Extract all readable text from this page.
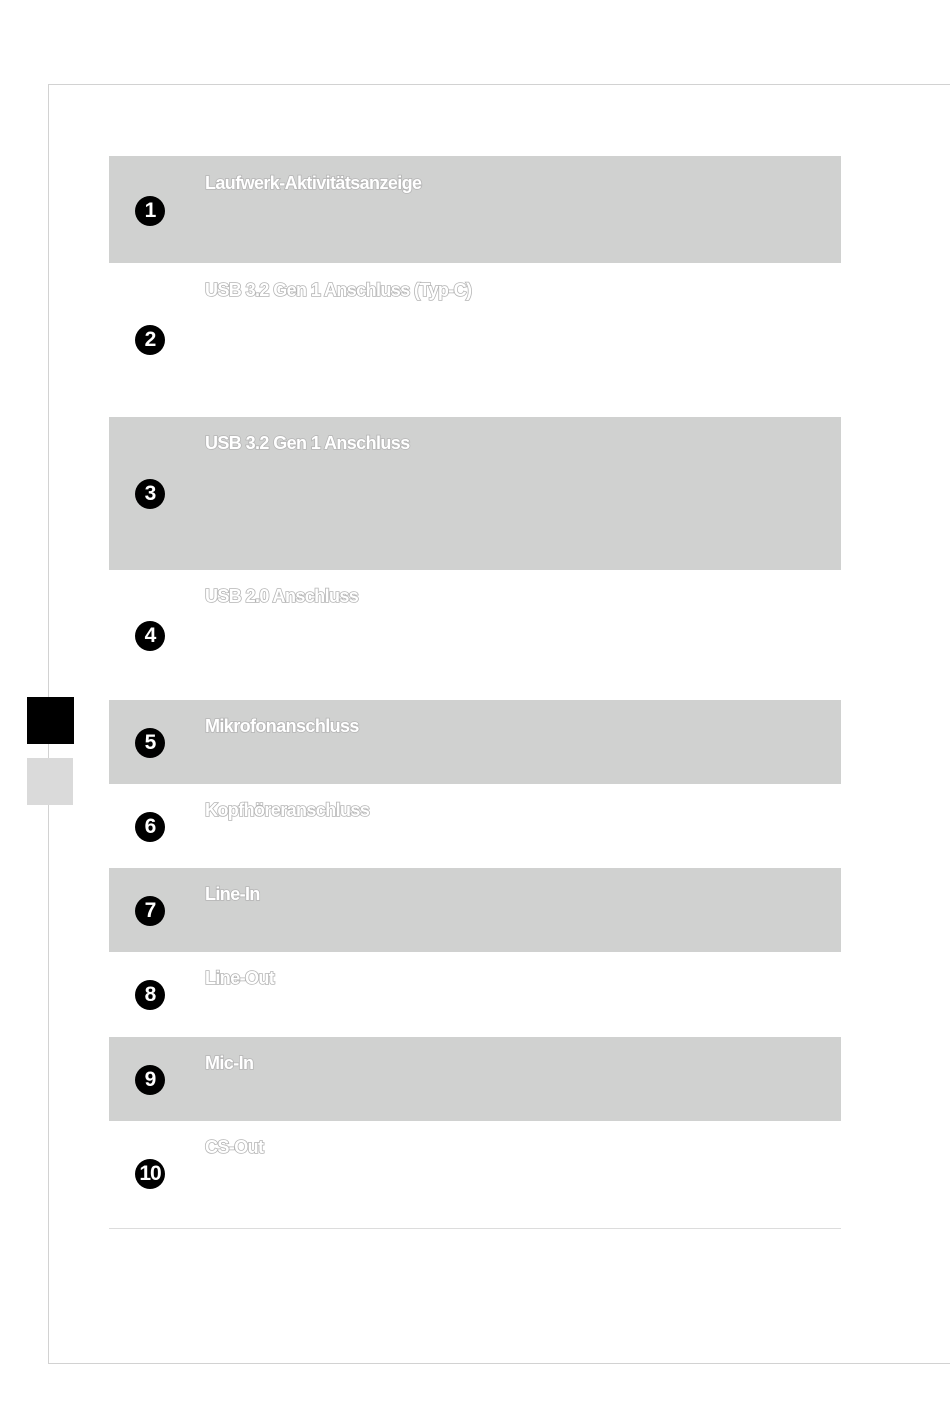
1
Laufwerk-Aktivitätsanzeige
2
USB 3.2 Gen 1 Anschluss (Typ-C)
3
USB 3.2 Gen 1 Anschluss
4
USB 2.0 Anschluss
5
Mikrofonanschluss
6
Kopfhöreranschluss
7
Line-In
8
Line-Out
9
Mic-In
10
CS-Out
